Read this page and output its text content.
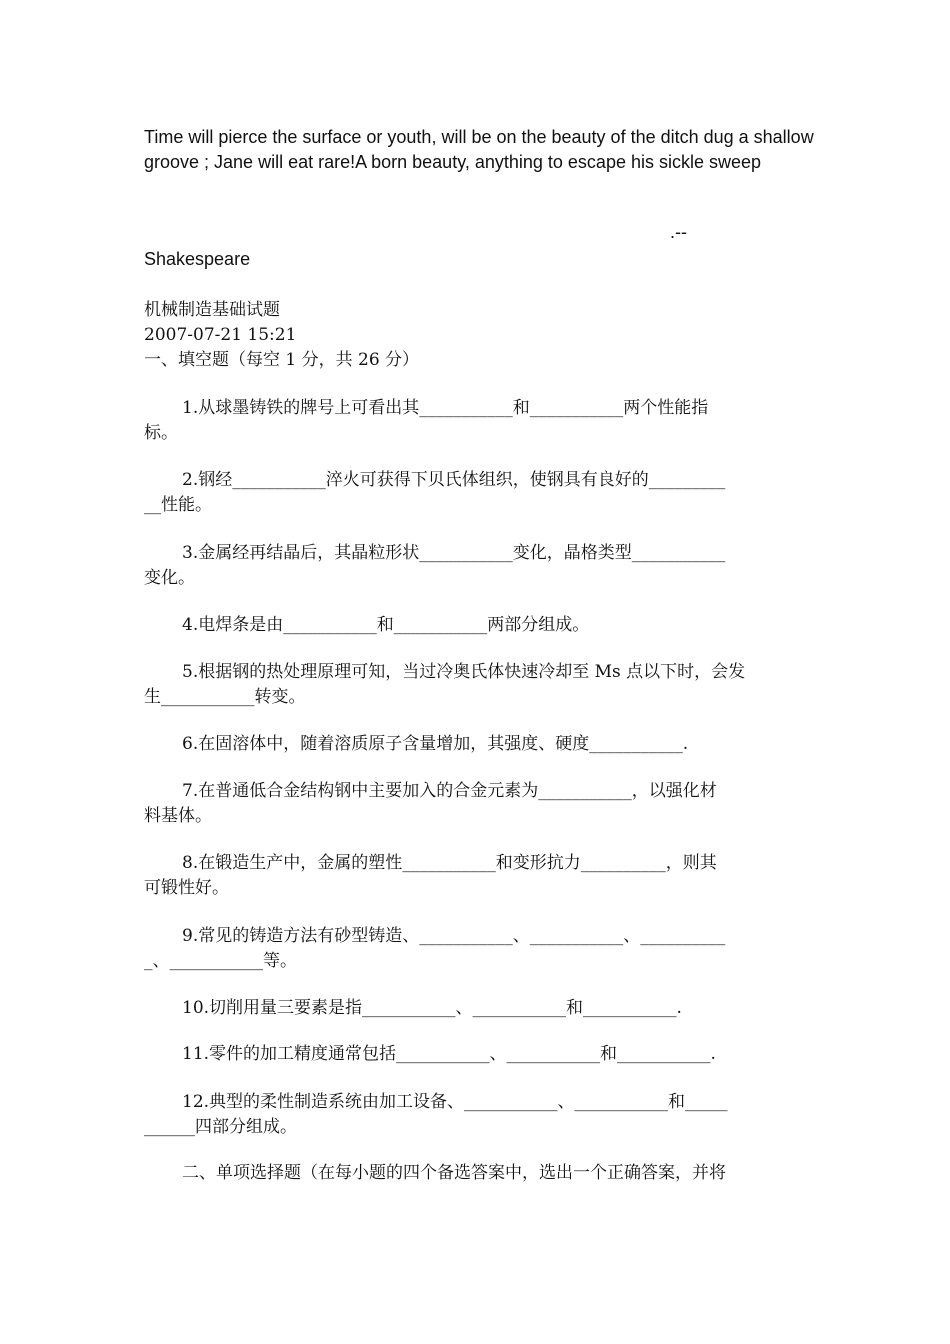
Time will pierce the surface or youth, will be on the beauty of the ditch dug a shallow groove ; Jane will eat rare!A born beauty, anything to escape his sickle sweep
.--
Shakespeare
机械制造基础试题
2007-07-21 15:21
一、填空题（每空 1 分，共 26 分）
1.从球墨铸铁的牌号上可看出其___________和___________两个性能指
标。
2.钢经___________淬火可获得下贝氏体组织，使钢具有良好的_________
__性能。
3.金属经再结晶后，其晶粒形状___________变化，晶格类型___________
变化。
4.电焊条是由___________和___________两部分组成。
5.根据钢的热处理原理可知，当过冷奥氏体快速冷却至 Ms 点以下时，会发
生___________转变。
6.在固溶体中，随着溶质原子含量增加，其强度、硬度___________.
7.在普通低合金结构钢中主要加入的合金元素为___________，以强化材
料基体。
8.在锻造生产中，金属的塑性___________和变形抗力__________，则其
可锻性好。
9.常见的铸造方法有砂型铸造、___________、___________、__________
_、___________等。
10.切削用量三要素是指___________、___________和___________.
11.零件的加工精度通常包括___________、___________和___________.
12.典型的柔性制造系统由加工设备、___________、___________和_____
______四部分组成。
二、单项选择题（在每小题的四个备选答案中，选出一个正确答案，并将
